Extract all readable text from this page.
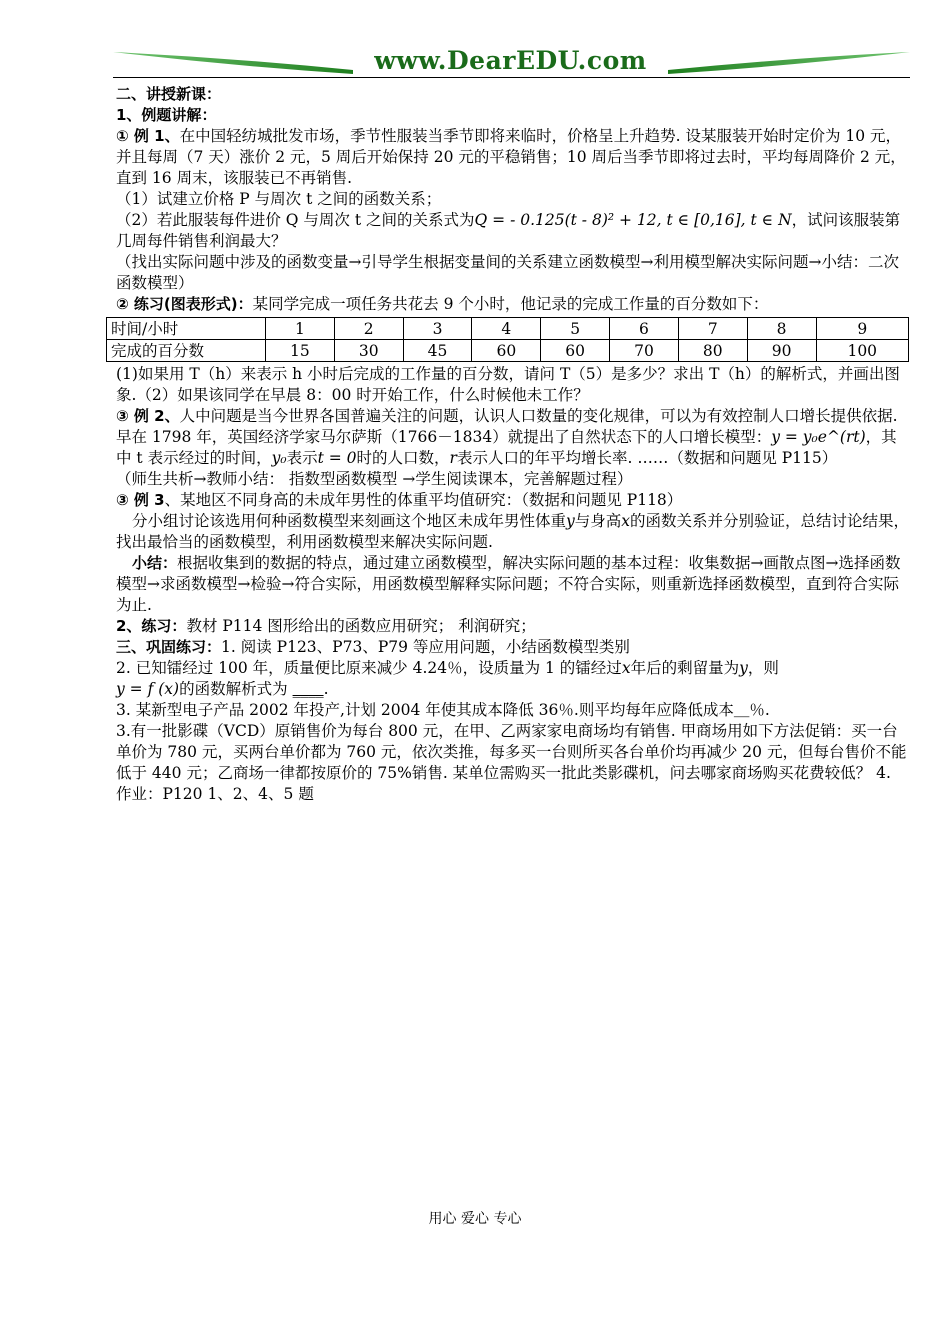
www.DearEDU.com

二、讲授新课：

1、例题讲解：

① 例 1、在中国轻纺城批发市场，季节性服装当季节即将来临时，价格呈上升趋势. 设某服装开始时定价为 10 元，并且每周（7 天）涨价 2 元，5 周后开始保持 20 元的平稳销售；10 周后当季节即将过去时，平均每周降价 2 元，直到 16 周末，该服装已不再销售.

（1）试建立价格 P 与周次 t 之间的函数关系；

（2）若此服装每件进价 Q 与周次 t 之间的关系式为Q = - 0.125(t - 8)² + 12, t ∈ [0,16], t ∈ N，试问该服装第几周每件销售利润最大？

（找出实际问题中涉及的函数变量→引导学生根据变量间的关系建立函数模型→利用模型解决实际问题→小结：二次函数模型）

② 练习(图表形式)：某同学完成一项任务共花去 9 个小时，他记录的完成工作量的百分数如下：

时间/小时	1	2	3	4	5	6	7	8	9
完成的百分数	15	30	45	60	60	70	80	90	100

(1)如果用 T（h）来表示 h 小时后完成的工作量的百分数，请问 T（5）是多少？求出 T（h）的解析式，并画出图象.（2）如果该同学在早晨 8：00 时开始工作，什么时候他未工作？

③ 例 2、人中问题是当今世界各国普遍关注的问题，认识人口数量的变化规律，可以为有效控制人口增长提供依据. 早在 1798 年，英国经济学家马尔萨斯（1766－1834）就提出了自然状态下的人口增长模型：y = y₀e^(rt)，其中 t 表示经过的时间，y₀表示t = 0时的人口数，r表示人口的年平均增长率. ……（数据和问题见 P115）

（师生共析→教师小结： 指数型函数模型 →学生阅读课本，完善解题过程）

③ 例 3、某地区不同身高的未成年男性的体重平均值研究：（数据和问题见 P118）

分小组讨论该选用何种函数模型来刻画这个地区未成年男性体重y与身高x的函数关系并分别验证，总结讨论结果，找出最恰当的函数模型，利用函数模型来解决实际问题.

小结：根据收集到的数据的特点，通过建立函数模型，解决实际问题的基本过程：收集数据→画散点图→选择函数模型→求函数模型→检验→符合实际，用函数模型解释实际问题；不符合实际，则重新选择函数模型，直到符合实际为止.

2、练习：教材 P114 图形给出的函数应用研究； 利润研究；

三、巩固练习：1. 阅读 P123、P73、P79 等应用问题，小结函数模型类别

2. 已知镭经过 100 年，质量便比原来减少 4.24％，设质量为 1 的镭经过x年后的剩留量为y，则
y = f (x)的函数解析式为 ____.

3. 某新型电子产品 2002 年投产,计划 2004 年使其成本降低 36％.则平均每年应降低成本＿％.

3.有一批影碟（VCD）原销售价为每台 800 元，在甲、乙两家家电商场均有销售. 甲商场用如下方法促销：买一台单价为 780 元，买两台单价都为 760 元，依次类推，每多买一台则所买各台单价均再减少 20 元，但每台售价不能低于 440 元；乙商场一律都按原价的 75%销售. 某单位需购买一批此类影碟机，问去哪家商场购买花费较低？ 4. 作业：P120 1、2、4、5 题

用心 爱心 专心
